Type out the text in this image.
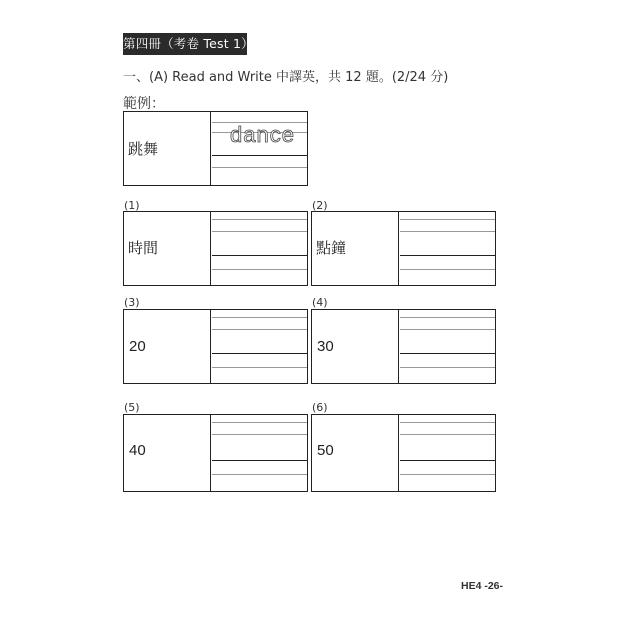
第四冊（考卷 Test 1）
一、(A) Read and Write 中譯英，共 12 題。(2/24 分)
範例：
跳舞
dance
(1)
時間
(2)
點鐘
(3)
20
(4)
30
(5)
40
(6)
50
HE4 -26-
